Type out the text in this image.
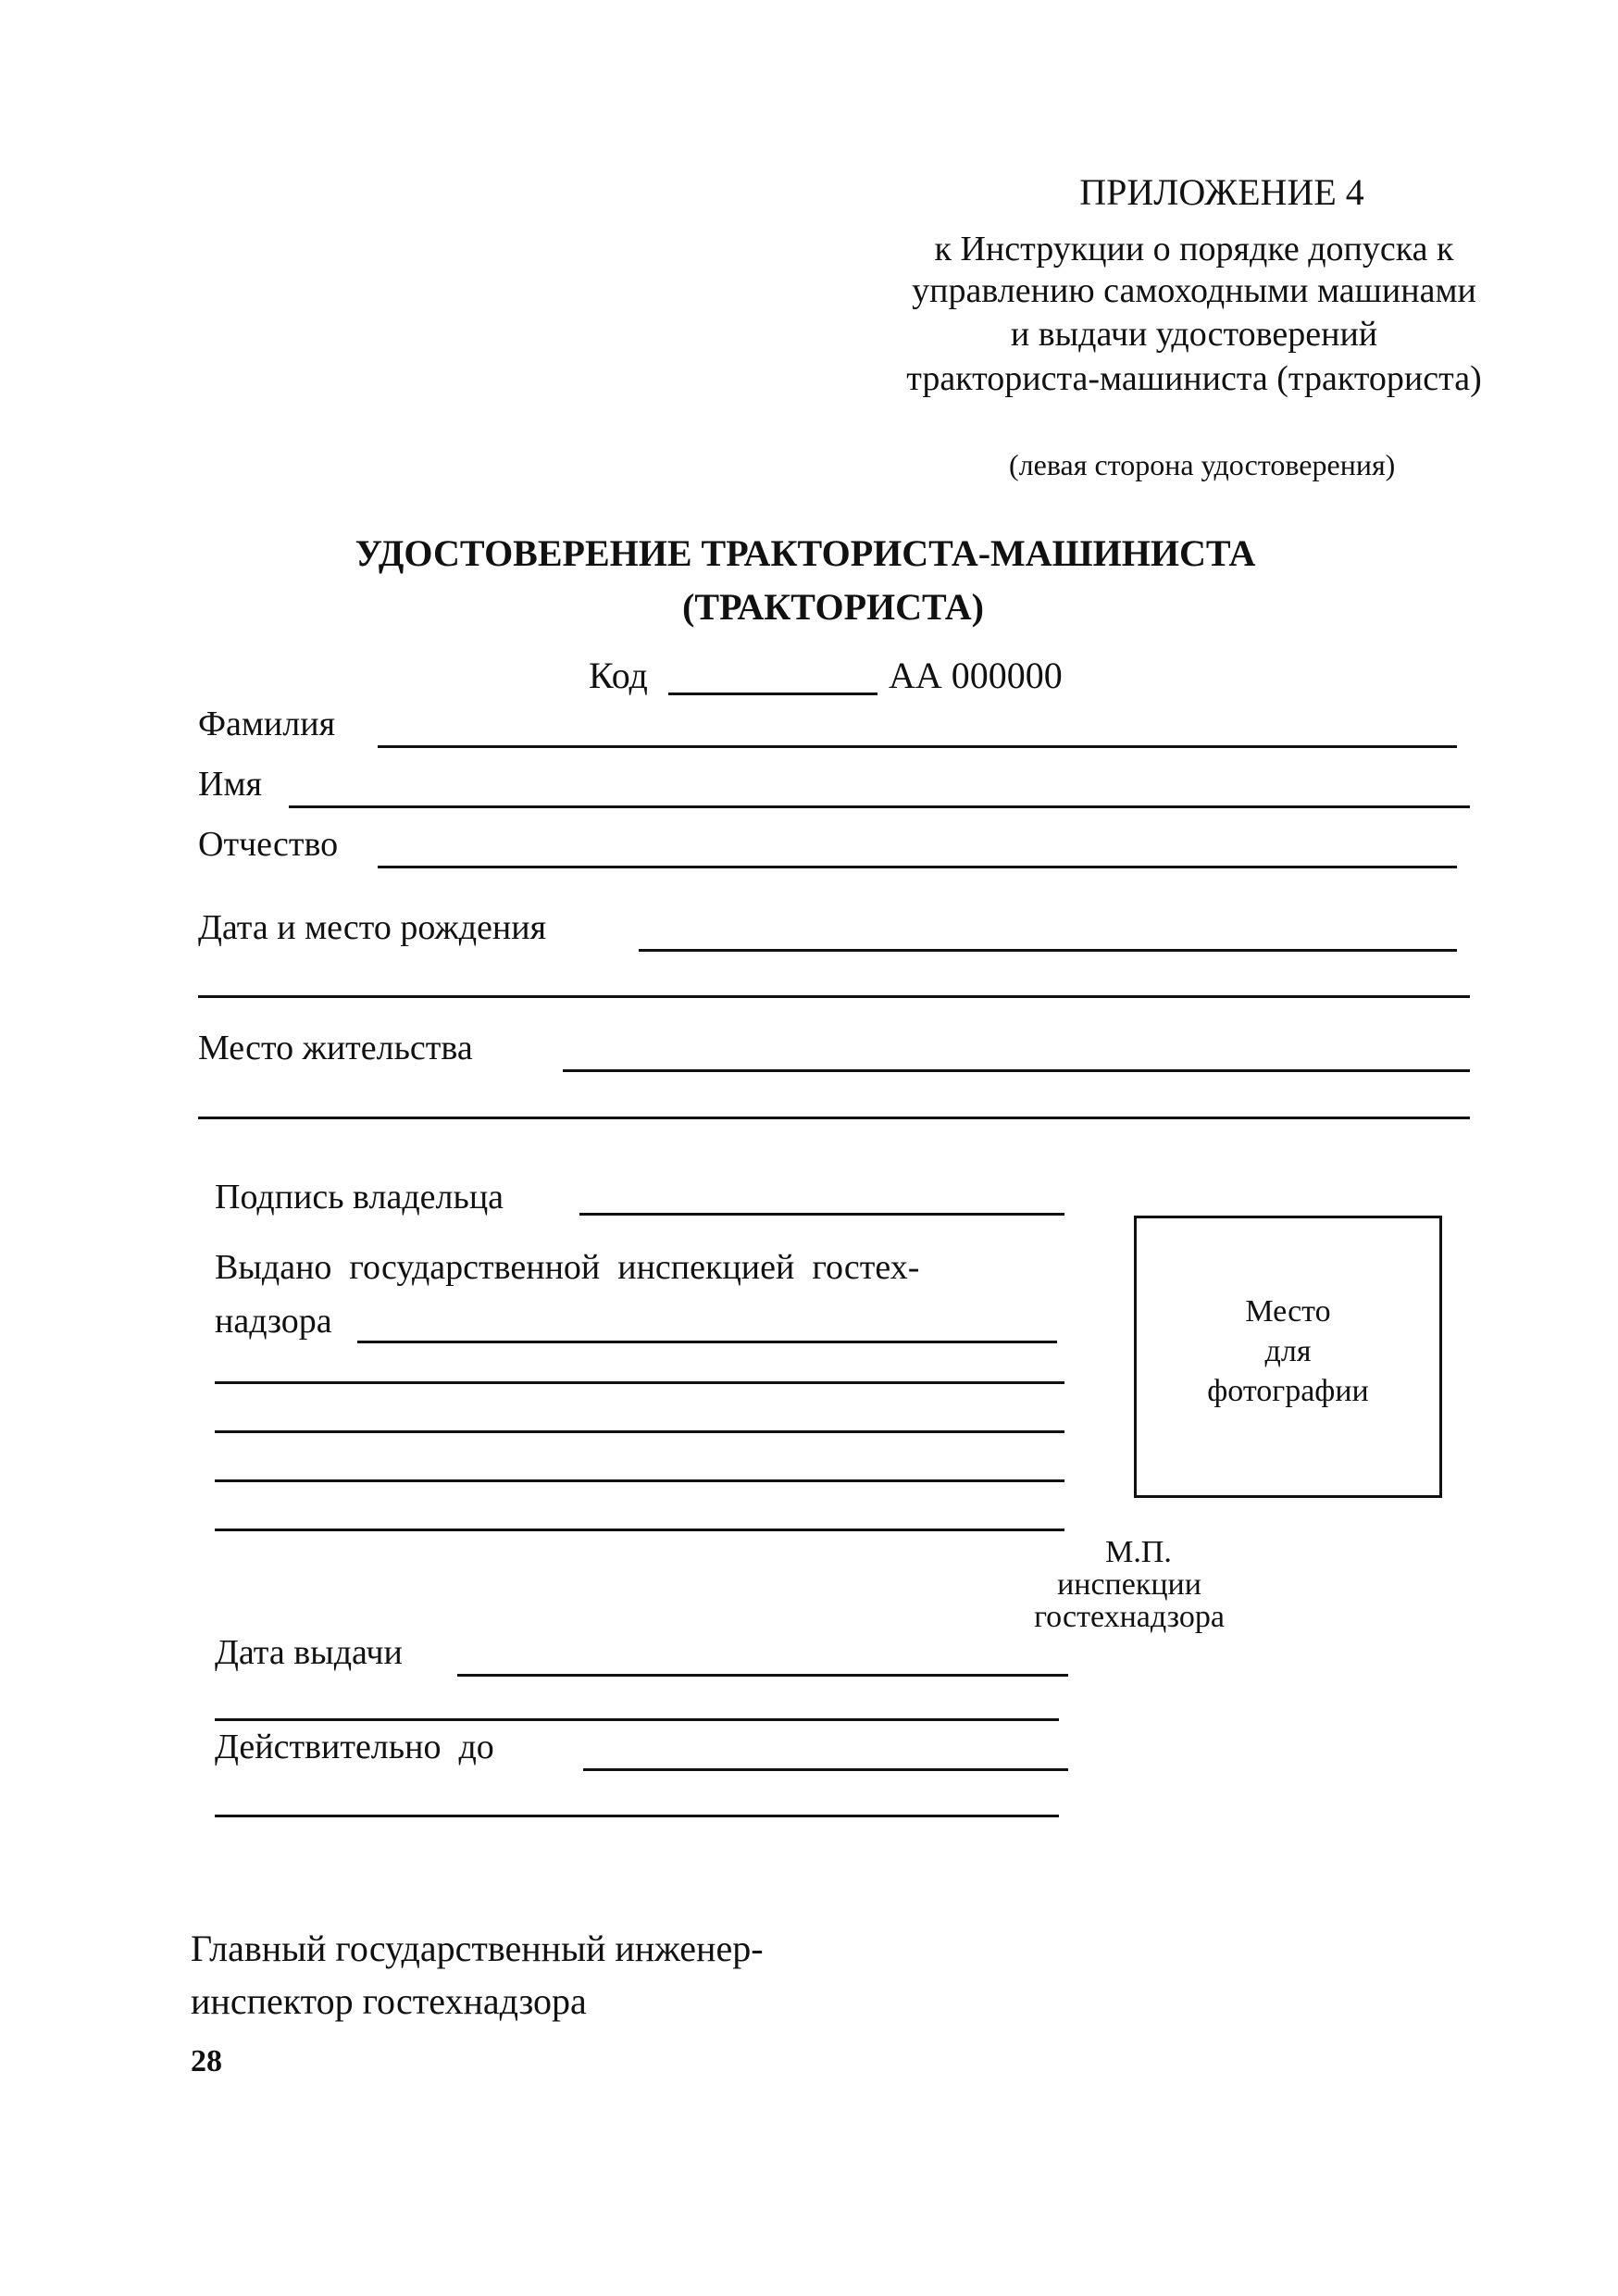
ПРИЛОЖЕНИЕ 4
к Инструкции о порядке допуска к
управлению самоходными машинами
и выдачи удостоверений
тракториста-машиниста (тракториста)
(левая сторона удостоверения)
УДОСТОВЕРЕНИЕ ТРАКТОРИСТА-МАШИНИСТА
(ТРАКТОРИСТА)
Код	АА 000000
Фамилия
Имя
Отчество
Дата и место рождения
Место жительства
Подпись владельца
Выдано  государственной  инспекцией  гостех-
надзора	Место
для
фотографии
М.П.
инспекции
гостехнадзора
Дата выдачи
Действительно  до
Главный государственный инженер-
инспектор гостехнадзора
28
